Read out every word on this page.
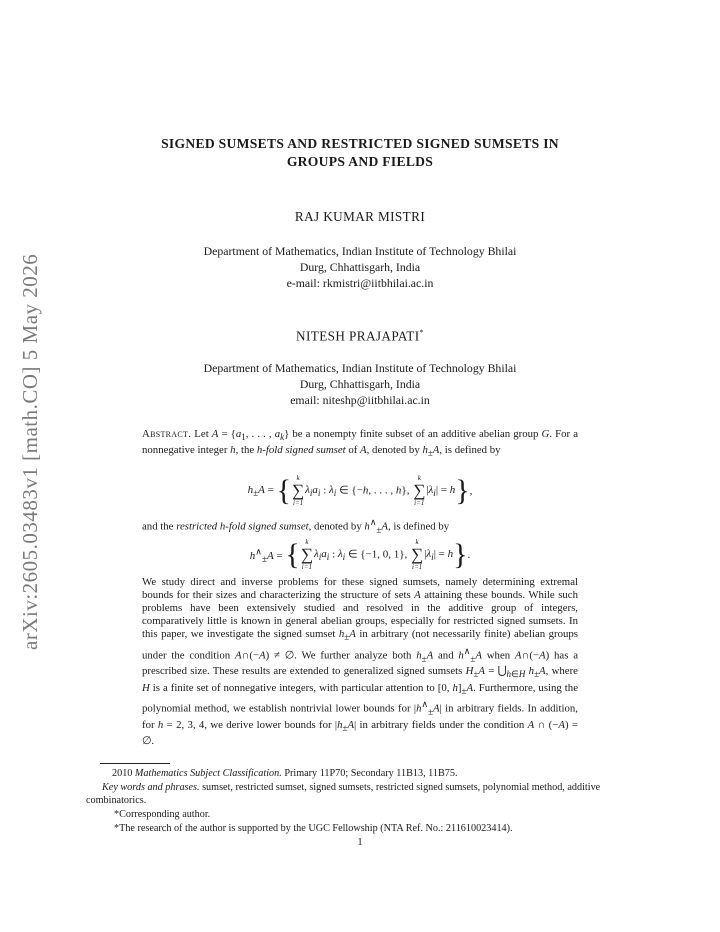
arXiv:2605.03483v1 [math.CO] 5 May 2026
SIGNED SUMSETS AND RESTRICTED SIGNED SUMSETS IN
GROUPS AND FIELDS
RAJ KUMAR MISTRI
Department of Mathematics, Indian Institute of Technology Bhilai
Durg, Chhattisgarh, India
e-mail: rkmistri@iitbhilai.ac.in
NITESH PRAJAPATI*
Department of Mathematics, Indian Institute of Technology Bhilai
Durg, Chhattisgarh, India
email: niteshp@iitbhilai.ac.in
Abstract. Let $A = \{a_1$, . . . , $a_k$} be a nonempty finite subset of an additive abelian group G. For a nonnegative integer h, the h-fold signed sumset of A, denoted by $h_\pm A$, is defined by
$h_\pm A$ = { k
∑
i=1
$\lambda_ia_i$ : $\lambda_i$ ∈ {−h, . . . , h},
k
∑
i=1
$|\lambda_i| = h$},
and the restricted h-fold signed sumset, denoted by $h^\wedge_\pm A$, is defined by
$h^\wedge_\pm A$ = { k
∑
i=1
$\lambda_ia_i$ : $\lambda_i$ ∈ {−1, 0, 1},
k
∑
i=1
$|\lambda_i| = h$}.
We study direct and inverse problems for these signed sumsets, namely determining extremal bounds for their sizes and characterizing the structure of sets A attaining these bounds. While such problems have been extensively studied and resolved in the additive group of integers, comparatively little is known in general abelian groups, especially for restricted signed sumsets. In this paper, we investigate the signed sumset $h_\pm A$ in arbitrary (not necessarily finite) abelian groups under the condition A∩(−A) ≠ ∅. We further analyze both $h_\pm A$ and $h^\wedge_\pm A$ when A∩(−A) has a prescribed size. These results are extended to generalized signed sumsets $H_\pm A$ = $⋃_{h\in H}$ $h_\pm A$, where H is a finite set of nonnegative integers, with particular attention to [0, $h]_\pm A$. Furthermore, using the polynomial method, we establish nontrivial lower bounds for $|h^\wedge_\pm A|$ in arbitrary fields. In addition, for h = 2, 3, 4, we derive lower bounds for $|h_\pm A|$ in arbitrary fields under the condition A ∩ (−A) = ∅.
2010 Mathematics Subject Classification. Primary 11P70; Secondary 11B13, 11B75.
Key words and phrases. sumset, restricted sumset, signed sumsets, restricted signed sumsets, polynomial method, additive combinatorics.
*Corresponding author.
*The research of the author is supported by the UGC Fellowship (NTA Ref. No.: 211610023414).
1
